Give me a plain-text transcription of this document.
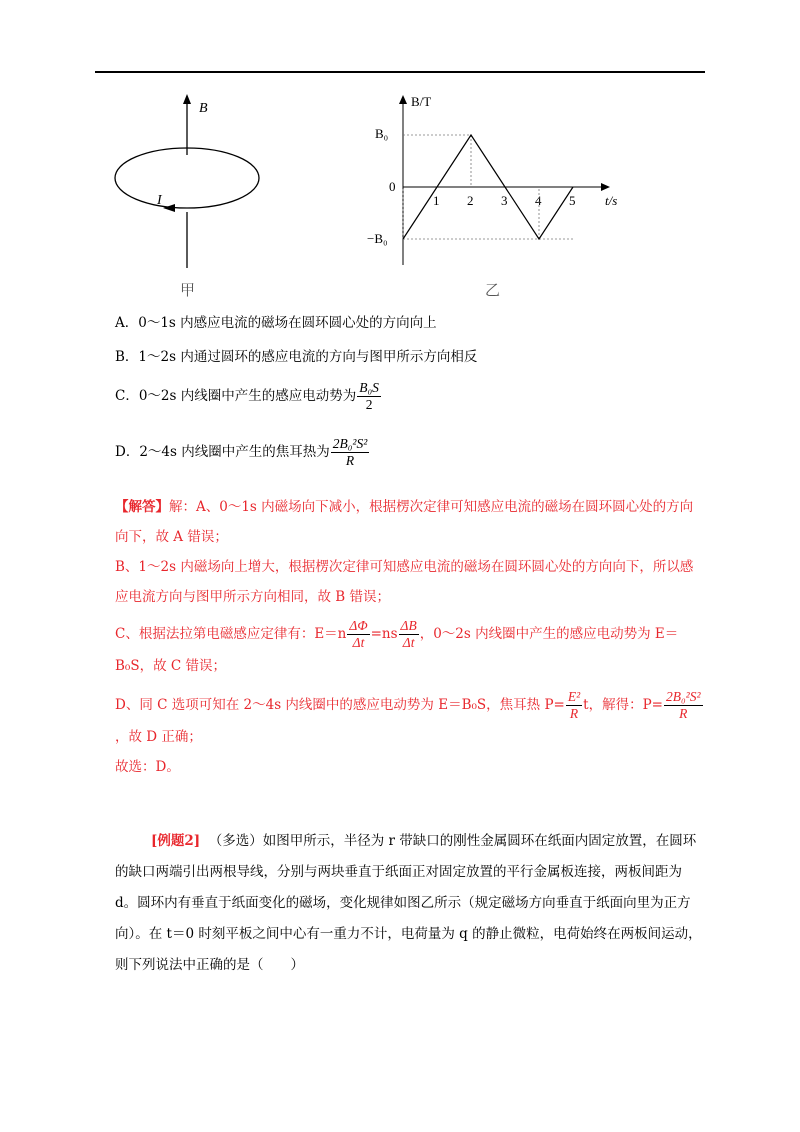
B
I
甲
B/T
t/s
B₀
0
−B₀
1 2 3 4 5
乙
A．0～1s 内感应电流的磁场在圆环圆心处的方向向上
B．1～2s 内通过圆环的感应电流的方向与图甲所示方向相反
C．0～2s 内线圈中产生的感应电动势为 $\frac{\text{B₀S}}{2}$
D．2～4s 内线圈中产生的焦耳热为 $\frac{\text{2B₀²S²}}{R}$
【解答】解：A、0～1s 内磁场向下减小，根据楞次定律可知感应电流的磁场在圆环圆心处的方向向下，故 A 错误；
B、1～2s 内磁场向上增大，根据楞次定律可知感应电流的磁场在圆环圆心处的方向向下，所以感应电流方向与图甲所示方向相同，故 B 错误；
C、根据法拉第电磁感应定律有：$E=n \frac{\Delta\Phi}{\Delta t} =ns \frac{\Delta B}{\Delta t}$ ，0～2s 内线圈中产生的感应电动势为 E＝B₀S，故 C 错误；
D、同 C 选项可知在 2～4s 内线圈中的感应电动势为 E＝B₀S，焦耳热 $P= \frac{\text{E²}}{R}$ t，解得：$P= \frac{\text{2B₀²S²}}{R}$
，故 D 正确；
故选：D。
[例题2] （多选）如图甲所示，半径为 r 带缺口的刚性金属圆环在纸面内固定放置，在圆环的缺口两端引出两根导线，分别与两块垂直于纸面正对固定放置的平行金属板连接，两板间距为 d。圆环内有垂直于纸面变化的磁场，变化规律如图乙所示（规定磁场方向垂直于纸面向里为正方向）。在 t＝0 时刻平板之间中心有一重力不计，电荷量为 q 的静止微粒，电荷始终在两板间运动，则下列说法中正确的是（　　）
